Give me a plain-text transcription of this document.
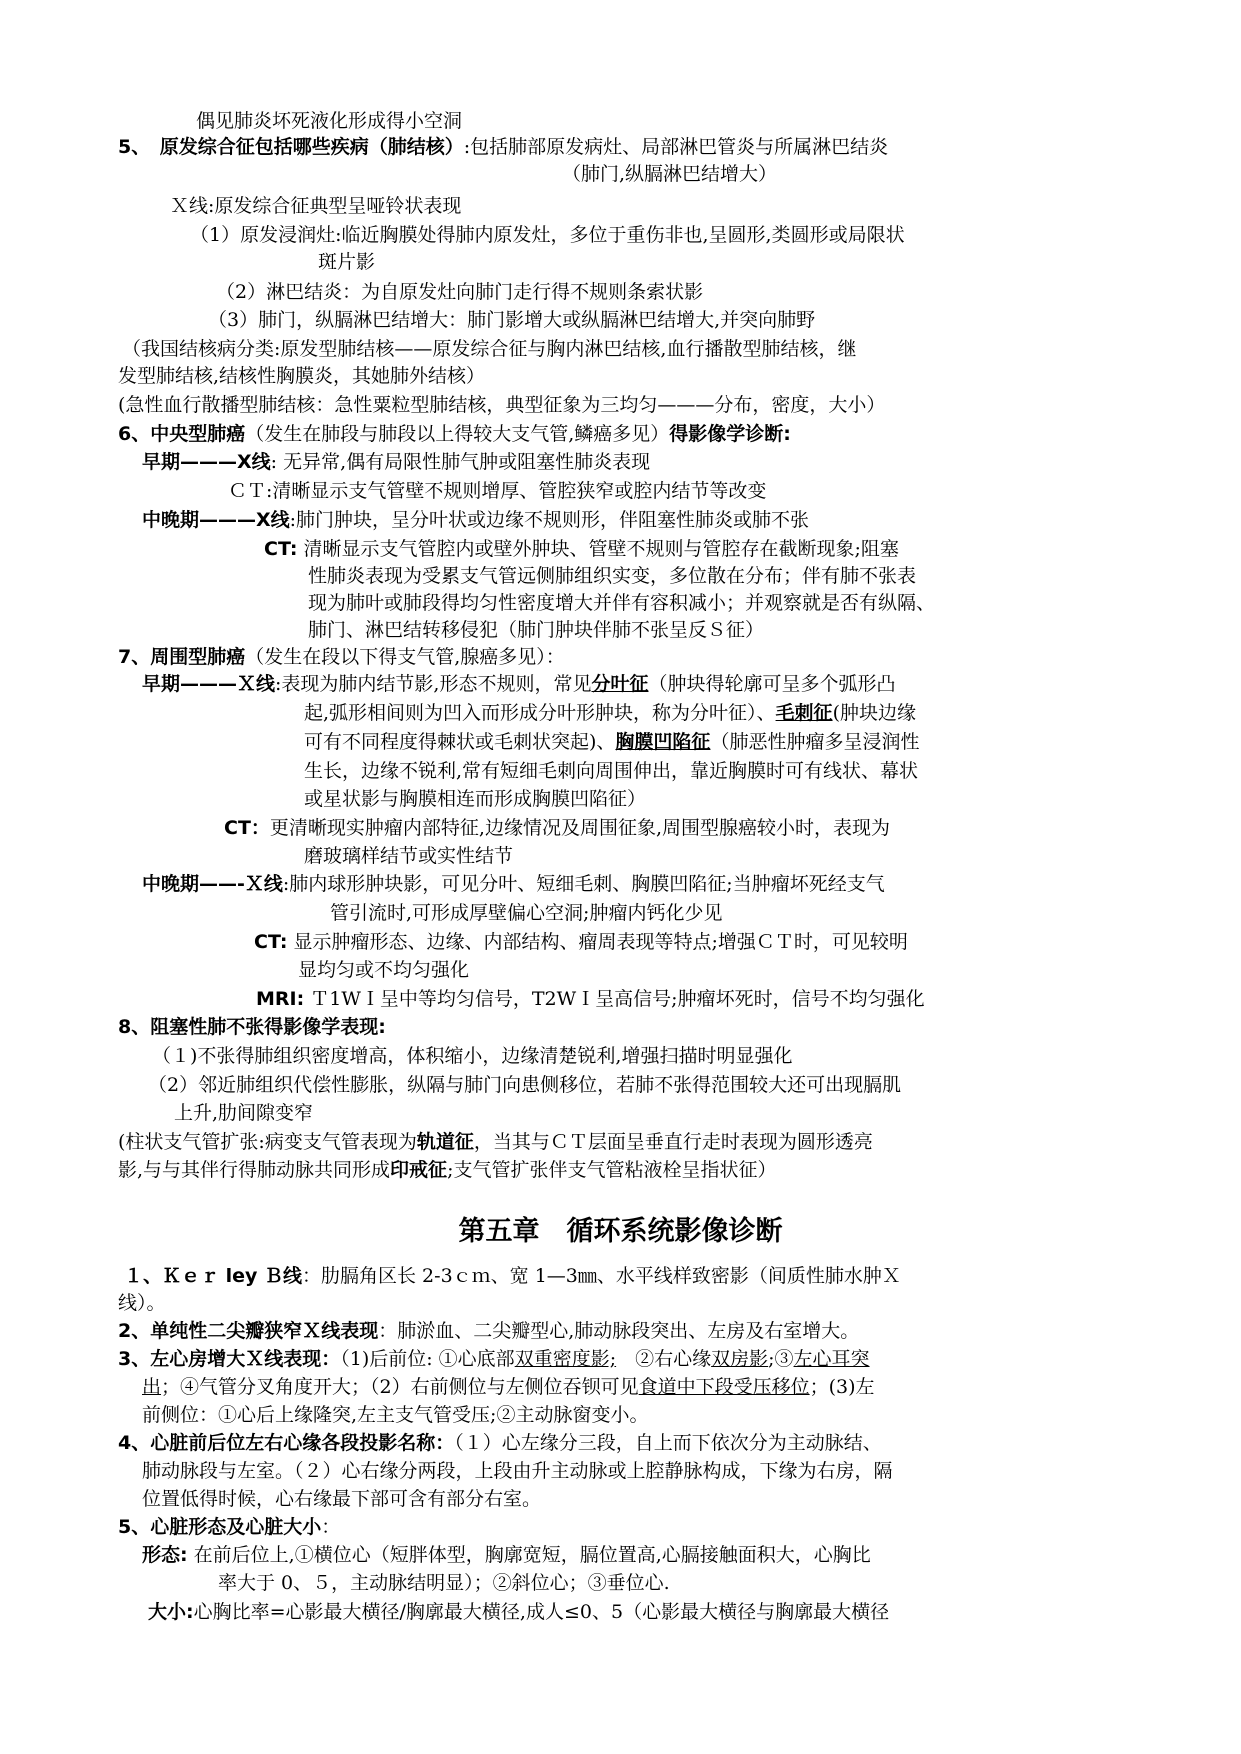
偶见肺炎坏死液化形成得小空洞
5、　原发综合征包括哪些疾病（肺结核）:包括肺部原发病灶、局部淋巴管炎与所属淋巴结炎
（肺门,纵膈淋巴结增大）
Ｘ线:原发综合征典型呈哑铃状表现
（1）原发浸润灶:临近胸膜处得肺内原发灶，多位于重伤非也,呈圆形,类圆形或局限状
斑片影
（2）淋巴结炎：为自原发灶向肺门走行得不规则条索状影
（3）肺门，纵膈淋巴结增大：肺门影增大或纵膈淋巴结增大,并突向肺野
（我国结核病分类:原发型肺结核——原发综合征与胸内淋巴结核,血行播散型肺结核，继
发型肺结核,结核性胸膜炎，其她肺外结核）
(急性血行散播型肺结核：急性粟粒型肺结核，典型征象为三均匀———分布，密度，大小）
6、中央型肺癌（发生在肺段与肺段以上得较大支气管,鳞癌多见）得影像学诊断:
早期———X线: 无异常,偶有局限性肺气肿或阻塞性肺炎表现
ＣＴ:清晰显示支气管壁不规则增厚、管腔狭窄或腔内结节等改变
中晚期———X线:肺门肿块，呈分叶状或边缘不规则形，伴阻塞性肺炎或肺不张
CT: 清晰显示支气管腔内或壁外肿块、管壁不规则与管腔存在截断现象;阻塞
性肺炎表现为受累支气管远侧肺组织实变，多位散在分布；伴有肺不张表
现为肺叶或肺段得均匀性密度增大并伴有容积减小；并观察就是否有纵隔、
肺门、淋巴结转移侵犯（肺门肿块伴肺不张呈反Ｓ征）
7、周围型肺癌（发生在段以下得支气管,腺癌多见）：
早期———Ｘ线:表现为肺内结节影,形态不规则，常见分叶征（肿块得轮廓可呈多个弧形凸
起,弧形相间则为凹入而形成分叶形肿块，称为分叶征）、毛刺征(肿块边缘
可有不同程度得棘状或毛刺状突起)、胸膜凹陷征（肺恶性肿瘤多呈浸润性
生长，边缘不锐利,常有短细毛刺向周围伸出，靠近胸膜时可有线状、幕状
或星状影与胸膜相连而形成胸膜凹陷征）
CT：更清晰现实肿瘤内部特征,边缘情况及周围征象,周围型腺癌较小时，表现为
磨玻璃样结节或实性结节
中晚期——-Ｘ线:肺内球形肿块影，可见分叶、短细毛刺、胸膜凹陷征;当肿瘤坏死经支气
管引流时,可形成厚壁偏心空洞;肿瘤内钙化少见
CT: 显示肿瘤形态、边缘、内部结构、瘤周表现等特点;增强ＣＴ时，可见较明
显均匀或不均匀强化
MRI: Ｔ1WＩ呈中等均匀信号，T2WＩ呈高信号;肿瘤坏死时，信号不均匀强化
8、阻塞性肺不张得影像学表现:
（１)不张得肺组织密度增高，体积缩小，边缘清楚锐利,增强扫描时明显强化
（2）邻近肺组织代偿性膨胀，纵隔与肺门向患侧移位，若肺不张得范围较大还可出现膈肌
上升,肋间隙变窄
(柱状支气管扩张:病变支气管表现为轨道征，当其与ＣＴ层面呈垂直行走时表现为圆形透亮
影,与与其伴行得肺动脉共同形成印戒征;支气管扩张伴支气管粘液栓呈指状征）
第五章　循环系统影像诊断
１、Ｋｅｒ ley Ｂ线：肋膈角区长 2-3ｃｍ、宽 1—3㎜、水平线样致密影（间质性肺水肿Ｘ
线）。
2、单纯性二尖瓣狭窄Ｘ线表现：肺淤血、二尖瓣型心,肺动脉段突出、左房及右室增大。
3、左心房增大Ｘ线表现：（1)后前位: ①心底部双重密度影;　②右心缘双房影;③左心耳突
出；④气管分叉角度开大；（2）右前侧位与左侧位吞钡可见食道中下段受压移位；(3)左
前侧位：①心后上缘隆突,左主支气管受压;②主动脉窗变小。
4、心脏前后位左右心缘各段投影名称：（１）心左缘分三段，自上而下依次分为主动脉结、
肺动脉段与左室。（２）心右缘分两段，上段由升主动脉或上腔静脉构成，下缘为右房，隔
位置低得时候，心右缘最下部可含有部分右室。
5、心脏形态及心脏大小：
形态: 在前后位上,①横位心（短胖体型，胸廓宽短，膈位置高,心膈接触面积大，心胸比
率大于 0、５，主动脉结明显）；②斜位心；③垂位心.
大小:心胸比率=心影最大横径/胸廓最大横径,成人≤0、5（心影最大横径与胸廓最大横径
